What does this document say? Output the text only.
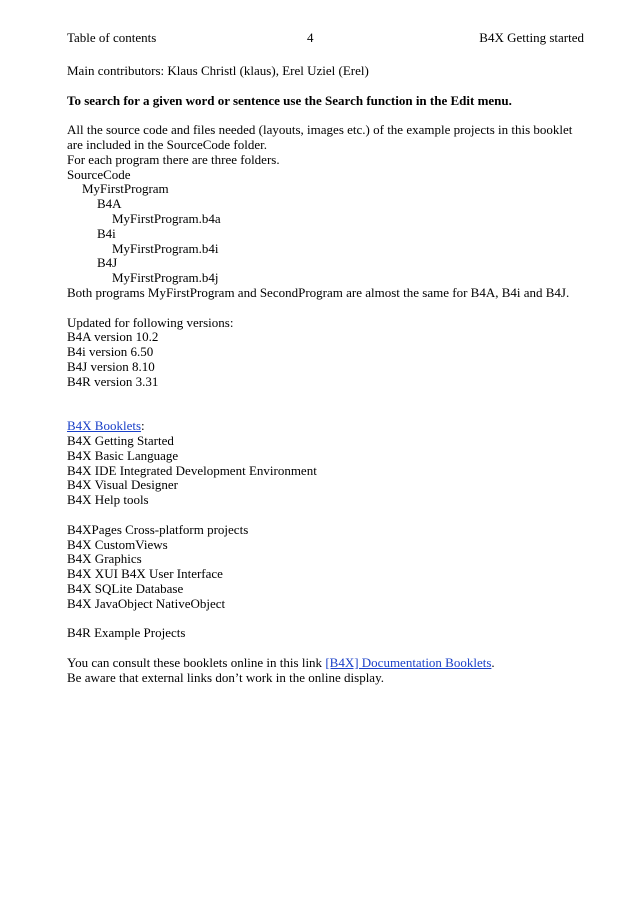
Table of contents	4	B4X Getting started
Main contributors: Klaus Christl (klaus), Erel Uziel (Erel)
To search for a given word or sentence use the Search function in the Edit menu.
All the source code and files needed (layouts, images etc.) of the example projects in this booklet
are included in the SourceCode folder.
For each program there are three folders.
SourceCode
MyFirstProgram
B4A
MyFirstProgram.b4a
B4i
MyFirstProgram.b4i
B4J
MyFirstProgram.b4j
Both programs MyFirstProgram and SecondProgram are almost the same for B4A, B4i and B4J.
Updated for following versions:
B4A version 10.2
B4i version 6.50
B4J version 8.10
B4R version 3.31
B4X Booklets:
B4X Getting Started
B4X Basic Language
B4X IDE Integrated Development Environment
B4X Visual Designer
B4X Help tools
B4XPages Cross-platform projects
B4X CustomViews
B4X Graphics
B4X XUI B4X User Interface
B4X SQLite Database
B4X JavaObject NativeObject
B4R Example Projects
You can consult these booklets online in this link [B4X] Documentation Booklets.
Be aware that external links don’t work in the online display.
